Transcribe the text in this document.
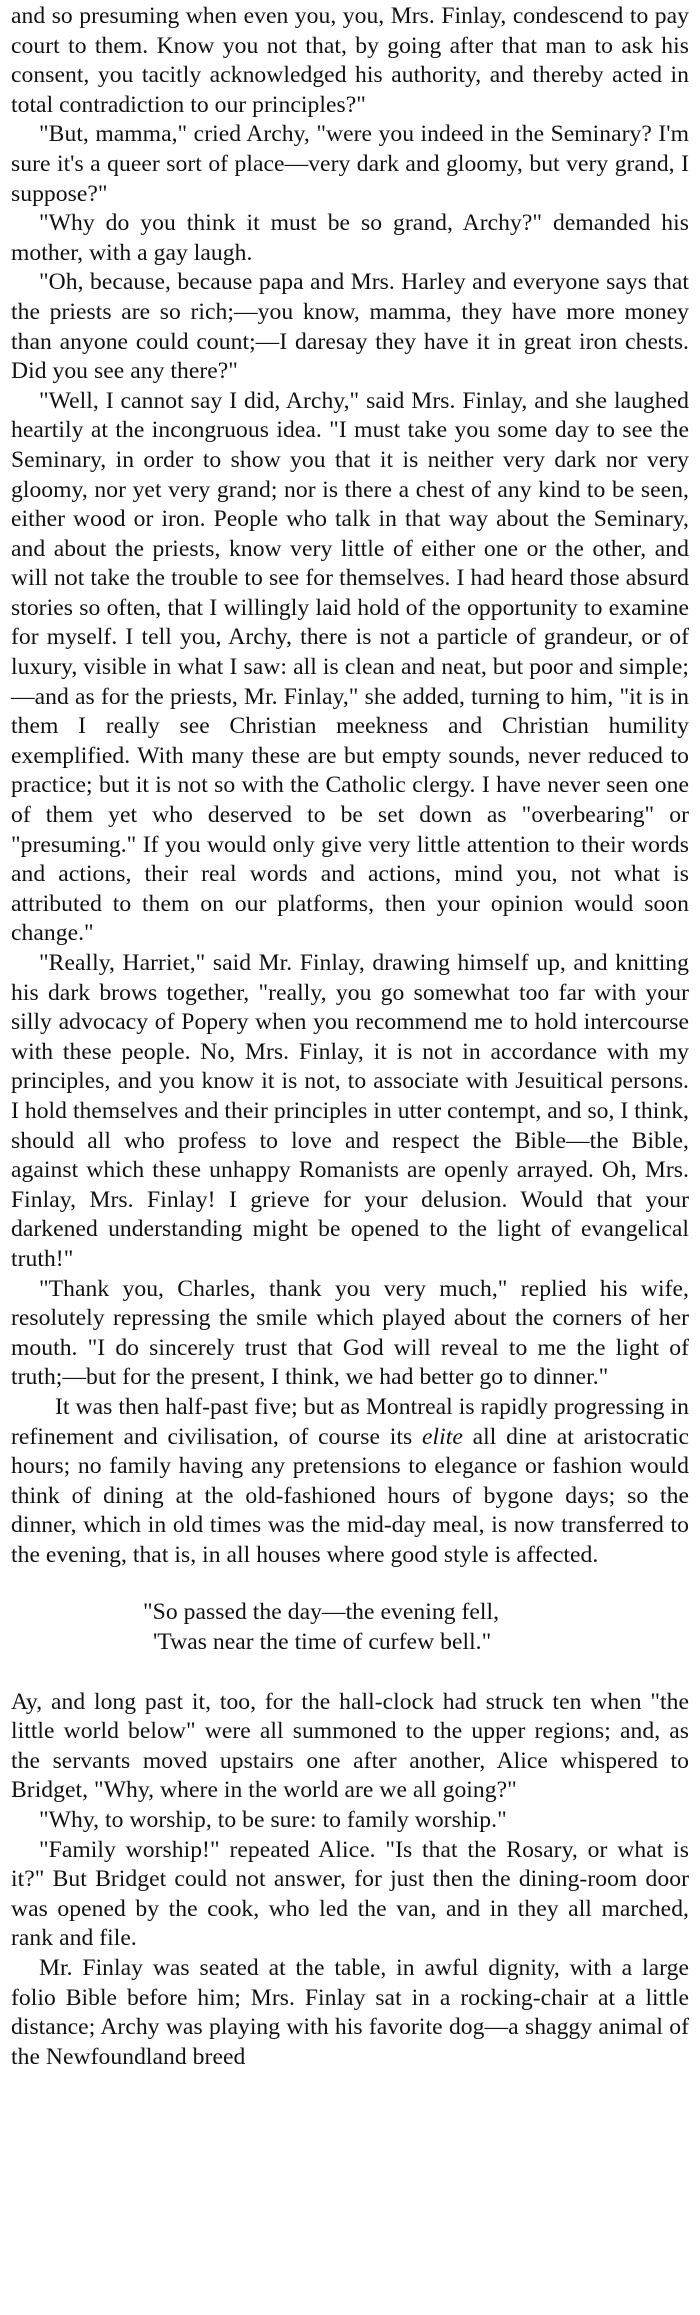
and so presuming when even you, you, Mrs. Finlay, condescend to pay court to them. Know you not that, by going after that man to ask his consent, you tacitly acknowledged his authority, and thereby acted in total contradiction to our principles?"

"But, mamma," cried Archy, "were you indeed in the Seminary? I'm sure it's a queer sort of place—very dark and gloomy, but very grand, I suppose?"

"Why do you think it must be so grand, Archy?" demanded his mother, with a gay laugh.

"Oh, because, because papa and Mrs. Harley and everyone says that the priests are so rich;—you know, mamma, they have more money than anyone could count;—I daresay they have it in great iron chests. Did you see any there?"

"Well, I cannot say I did, Archy," said Mrs. Finlay, and she laughed heartily at the incongruous idea. "I must take you some day to see the Seminary, in order to show you that it is neither very dark nor very gloomy, nor yet very grand; nor is there a chest of any kind to be seen, either wood or iron. People who talk in that way about the Seminary, and about the priests, know very little of either one or the other, and will not take the trouble to see for themselves. I had heard those absurd stories so often, that I willingly laid hold of the opportunity to examine for myself. I tell you, Archy, there is not a particle of grandeur, or of luxury, visible in what I saw: all is clean and neat, but poor and simple;—and as for the priests, Mr. Finlay," she added, turning to him, "it is in them I really see Christian meekness and Christian humility exemplified. With many these are but empty sounds, never reduced to practice; but it is not so with the Catholic clergy. I have never seen one of them yet who deserved to be set down as "overbearing" or "presuming." If you would only give very little attention to their words and actions, their real words and actions, mind you, not what is attributed to them on our platforms, then your opinion would soon change."

"Really, Harriet," said Mr. Finlay, drawing himself up, and knitting his dark brows together, "really, you go somewhat too far with your silly advocacy of Popery when you recommend me to hold intercourse with these people. No, Mrs. Finlay, it is not in accordance with my principles, and you know it is not, to associate with Jesuitical persons. I hold themselves and their principles in utter contempt, and so, I think, should all who profess to love and respect the Bible—the Bible, against which these unhappy Romanists are openly arrayed. Oh, Mrs. Finlay, Mrs. Finlay! I grieve for your delusion. Would that your darkened understanding might be opened to the light of evangelical truth!"

"Thank you, Charles, thank you very much," replied his wife, resolutely repressing the smile which played about the corners of her mouth. "I do sincerely trust that God will reveal to me the light of truth;—but for the present, I think, we had better go to dinner."

It was then half-past five; but as Montreal is rapidly progressing in refinement and civilisation, of course its elite all dine at aristocratic hours; no family having any pretensions to elegance or fashion would think of dining at the old-fashioned hours of bygone days; so the dinner, which in old times was the mid-day meal, is now transferred to the evening, that is, in all houses where good style is affected.

"So passed the day—the evening fell,
'Twas near the time of curfew bell."

Ay, and long past it, too, for the hall-clock had struck ten when "the little world below" were all summoned to the upper regions; and, as the servants moved upstairs one after another, Alice whispered to Bridget, "Why, where in the world are we all going?"

"Why, to worship, to be sure: to family worship."

"Family worship!" repeated Alice. "Is that the Rosary, or what is it?" But Bridget could not answer, for just then the dining-room door was opened by the cook, who led the van, and in they all marched, rank and file.

Mr. Finlay was seated at the table, in awful dignity, with a large folio Bible before him; Mrs. Finlay sat in a rocking-chair at a little distance; Archy was playing with his favorite dog—a shaggy animal of the Newfoundland breed
